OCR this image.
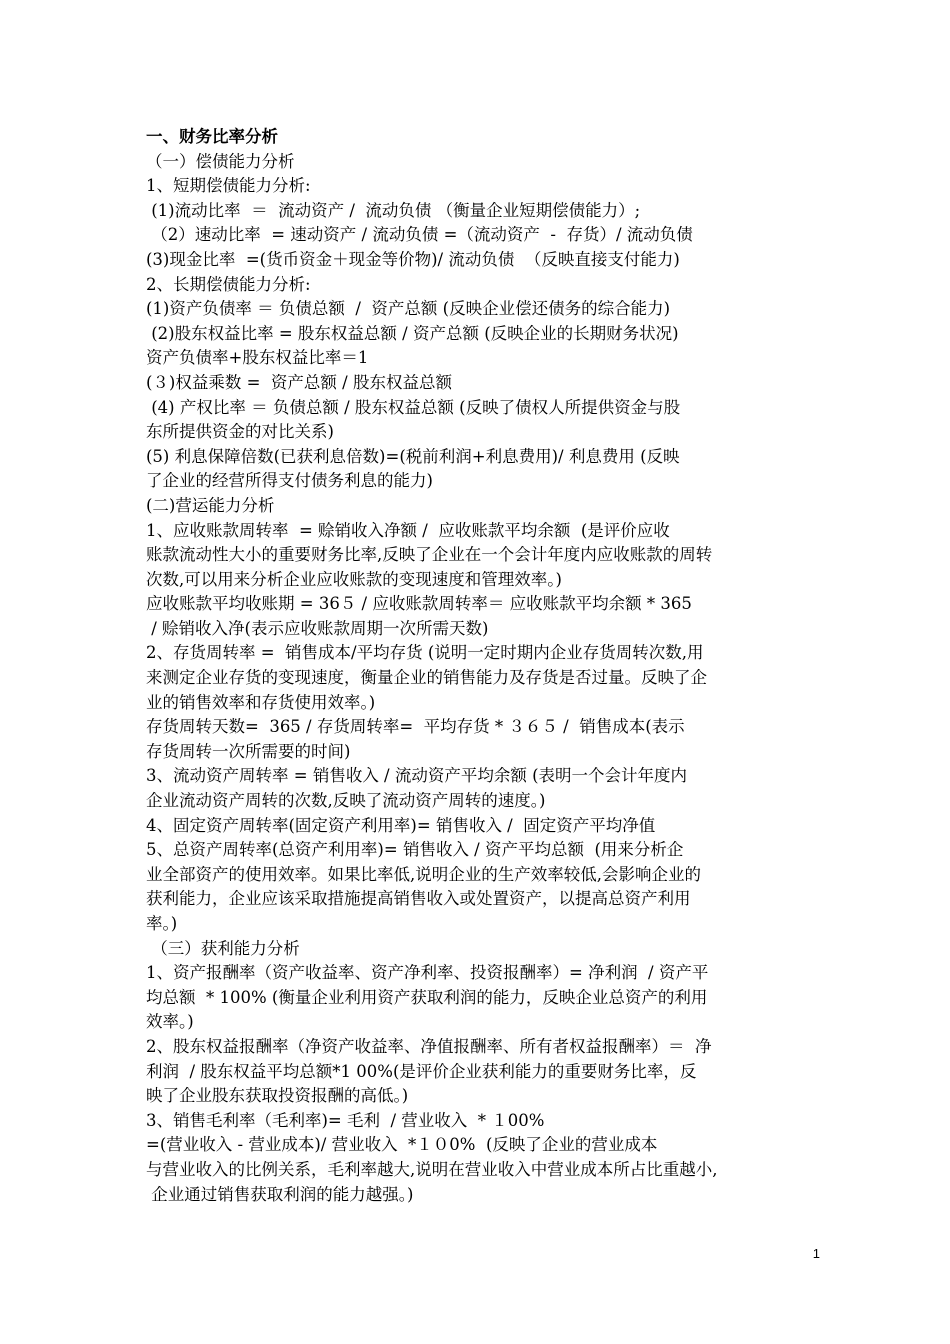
一、财务比率分析
（一）偿债能力分析
1、短期偿债能力分析:
(1)流动比率  ＝  流动资产 /  流动负债 （衡量企业短期偿债能力）;
（2）速动比率  = 速动资产 / 流动负债 =（流动资产  -  存货）/ 流动负债
(3)现金比率  =(货币资金＋现金等价物)/ 流动负债  （反映直接支付能力)
2、长期偿债能力分析:
(1)资产负债率 ＝ 负债总额  /  资产总额 (反映企业偿还债务的综合能力)
(2)股东权益比率 = 股东权益总额 / 资产总额 (反映企业的长期财务状况)
资产负债率+股东权益比率＝1
(３)权益乘数 =  资产总额 / 股东权益总额
(4) 产权比率 ＝ 负债总额 / 股东权益总额 (反映了债权人所提供资金与股
东所提供资金的对比关系)
(5) 利息保障倍数(已获利息倍数)=(税前利润+利息费用)/ 利息费用 (反映
了企业的经营所得支付债务利息的能力)
(二)营运能力分析
1、应收账款周转率  = 赊销收入净额 /  应收账款平均余额  (是评价应收
账款流动性大小的重要财务比率,反映了企业在一个会计年度内应收账款的周转
次数,可以用来分析企业应收账款的变现速度和管理效率。)
应收账款平均收账期 = 36５ / 应收账款周转率＝ 应收账款平均余额 * 365
/ 赊销收入净(表示应收账款周期一次所需天数)
2、存货周转率 =  销售成本/平均存货 (说明一定时期内企业存货周转次数,用
来测定企业存货的变现速度，衡量企业的销售能力及存货是否过量。反映了企
业的销售效率和存货使用效率。)
存货周转天数=  365 / 存货周转率=  平均存货 * ３６５ /  销售成本(表示
存货周转一次所需要的时间)
3、流动资产周转率 = 销售收入 / 流动资产平均余额 (表明一个会计年度内
企业流动资产周转的次数,反映了流动资产周转的速度。)
4、固定资产周转率(固定资产利用率)= 销售收入 /  固定资产平均净值
5、总资产周转率(总资产利用率)= 销售收入 / 资产平均总额  (用来分析企
业全部资产的使用效率。如果比率低,说明企业的生产效率较低,会影响企业的
获利能力，企业应该采取措施提高销售收入或处置资产，以提高总资产利用
率。)
（三）获利能力分析
1、资产报酬率（资产收益率、资产净利率、投资报酬率）= 净利润  / 资产平
均总额  * 100% (衡量企业利用资产获取利润的能力，反映企业总资产的利用
效率。)
2、股东权益报酬率（净资产收益率、净值报酬率、所有者权益报酬率）＝  净
利润  / 股东权益平均总额*1 00%(是评价企业获利能力的重要财务比率，反
映了企业股东获取投资报酬的高低。)
3、销售毛利率（毛利率)= 毛利  / 营业收入  * １00%
=(营业收入 - 营业成本)/ 营业收入  *１０0%  (反映了企业的营业成本
与营业收入的比例关系，毛利率越大,说明在营业收入中营业成本所占比重越小,
企业通过销售获取利润的能力越强。)
1
